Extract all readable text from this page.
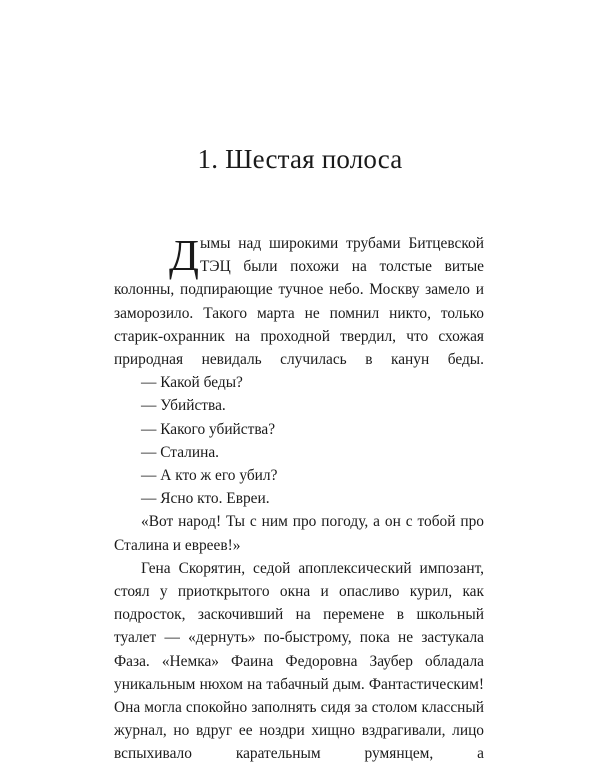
1. Шестая полоса

Дымы над широкими трубами Битцевской ТЭЦ были похожи на толстые витые колонны, подпирающие тучное небо. Москву замело и заморозило. Такого марта не помнил никто, только старик-охранник на проходной твердил, что схожая природная невидаль случилась в канун беды.

— Какой беды?

— Убийства.

— Какого убийства?

— Сталина.

— А кто ж его убил?

— Ясно кто. Евреи.

«Вот народ! Ты с ним про погоду, а он с тобой про Сталина и евреев!»

Гена Скорятин, седой апоплексический импозант, стоял у приоткрытого окна и опасливо курил, как подросток, заскочивший на перемене в школьный туалет — «дернуть» по-быстрому, пока не застукала Фаза. «Немка» Фаина Федоровна Заубер обладала уникальным нюхом на табачный дым. Фантастическим! Она могла спокойно заполнять сидя за столом классный журнал, но вдруг ее ноздри хищно вздрагивали, лицо вспыхивало карательным румянцем, а
